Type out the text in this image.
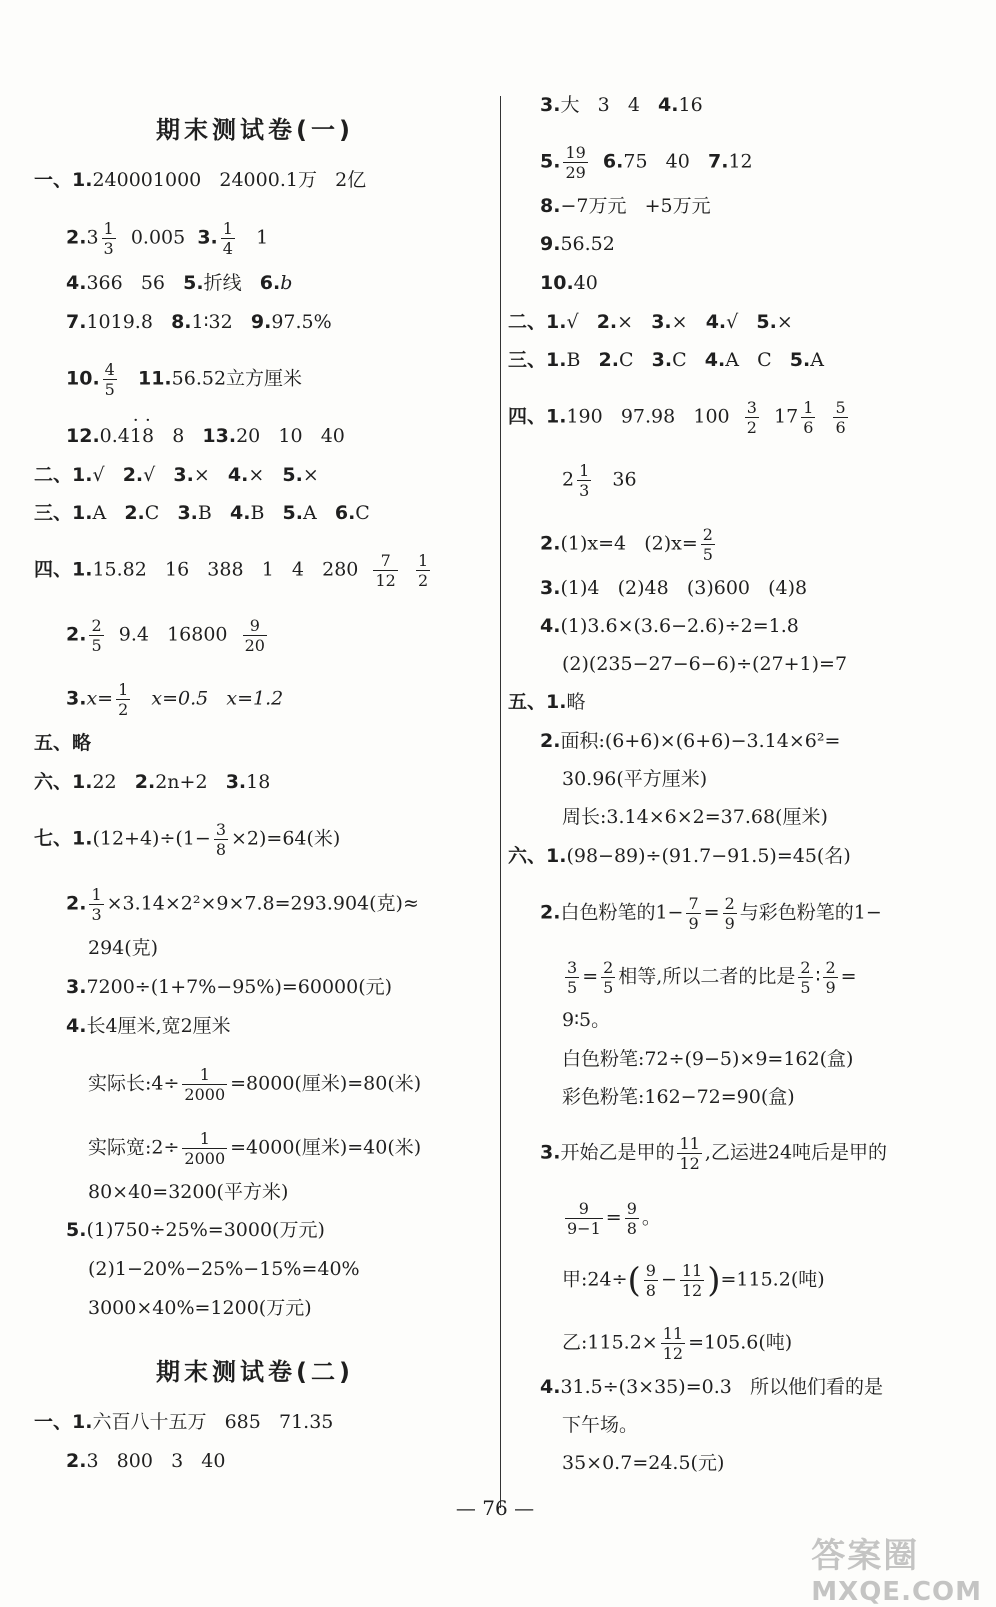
期末测试卷(一)
一、1.240001000 24000.1万 2亿
$2.3 \frac{1}{3} 0.005$ 3. $\frac{1}{4} 1$
4.366 56 5.折线 6.b
7.1019.8 8.1∶32 9.97.5%
10. $\frac{4}{5} 11.56.52$立方厘米
12.0.4· 1· 8 8 13.20 10 40
二、1.√ 2.√ 3.× 4.× 5.×
三、1.A 2.C 3.B 4.B 5.A 6.C
四、1.15.82 16 388 1 4 $280 \frac{7}{12}$
$\frac{1}{2}$
2. $\frac{2}{5} 9.4$ $16800 \frac{9}{20}$
$3.x= \frac{1}{2} x=0.5$ x=1.2
五、略
六、1.22 2.2n+2 3.18
七、$1.(12+4)\div(1- \frac{3}{8} \times 2)=64$(米)
2. $\frac{1}{3} \times 3.14\times 2^2\times 9\times 7.8=293.904$(克)≈
294(克)
3.7200÷(1+7%−95%)=60000(元)
4.长4厘米,宽2厘米
实际长:4÷ $\frac{1}{2000} =8000$(厘米)=80(米)
实际宽:2÷ $\frac{1}{2000} =4000$(厘米)=40(米)
80×40=3200(平方米)
5.(1)750÷25%=3000(万元)
(2)1−20%−25%−15%=40%
3000×40%=1200(万元)
期末测试卷(二)
一、1.六百八十五万 685 71.35
2.3 800 3 40
3.大 3 4 4.16
5. $\frac{19}{29} 6.75$ 40 7.12
8.−7万元 +5万元
9.56.52
10.40
二、1.√ 2.× 3.× 4.√ 5.×
三、1.B 2.C 3.C 4.A C 5.A
四、1.190 97.98 $100 \frac{3}{2} 17 \frac{1}{6}$
$\frac{5}{6}$
$2 \frac{1}{3} 36$
2.(1)x=4 $(2)x= \frac{2}{5}$
3.(1)4 (2)48 (3)600 (4)8
4.(1)3.6×(3.6−2.6)÷2=1.8
(2)(235−27−6−6)÷(27+1)=7
五、1.略
2.面积:(6+6)×(6+6)−3.14×6²=
30.96(平方厘米)
周长:3.14×6×2=37.68(厘米)
六、1.(98−89)÷(91.7−91.5)=45(名)
2.白色粉笔的$1- \frac{7}{9} = \frac{2}{9}$ 与彩色粉笔的1−
$\frac{3}{5} = \frac{2}{5}$ 相等,所以二者的比是 $\frac{2}{5}$ ∶ $\frac{2}{9}$ =
9∶5。
白色粉笔:72÷(9−5)×9=162(盒)
彩色粉笔:162−72=90(盒)
3.开始乙是甲的 $\frac{11}{12}$ ,乙运进24吨后是甲的
$\frac{9}{9-1} = \frac{9}{8}$ 。
甲:24÷( $\frac{9}{8} - \frac{11}{12} )=115.2$(吨)
乙:115.2× $\frac{11}{12} =105.6$(吨)
4.31.5÷(3×35)=0.3 所以他们看的是
下午场。
35×0.7=24.5(元)
— 76 —
答案圈
MXQE.COM
